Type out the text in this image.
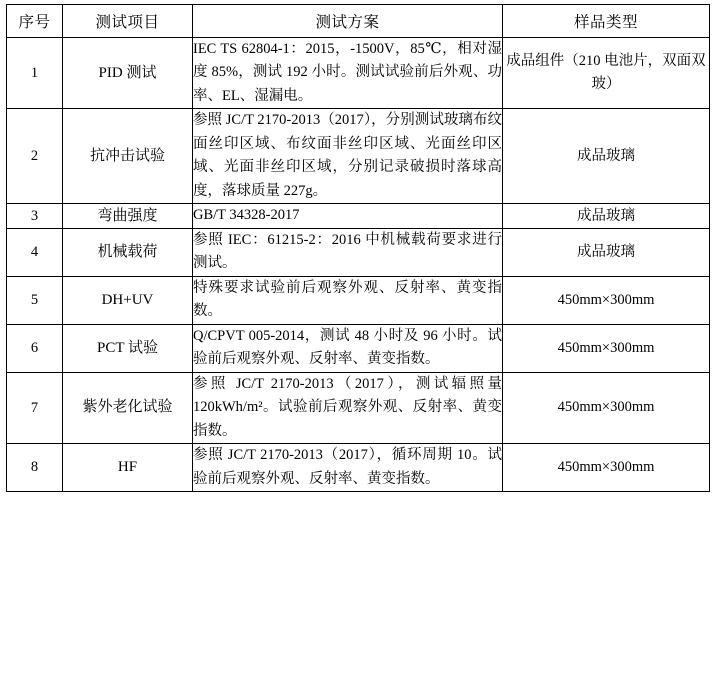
序号	测试项目	测试方案	样品类型
1	PID 测试	IEC TS 62804-1：2015，-1500V，85℃，相对湿度 85%，测试 192 小时。测试试验前后外观、功率、EL、湿漏电。	成品组件（210 电池片，双面双玻）
2	抗冲击试验	参照 JC/T 2170-2013（2017），分别测试玻璃布纹面丝印区域、布纹面非丝印区域、光面丝印区域、光面非丝印区域，分别记录破损时落球高度，落球质量 227g。	成品玻璃
3	弯曲强度	GB/T 34328-2017	成品玻璃
4	机械载荷	参照 IEC：61215-2：2016 中机械载荷要求进行测试。	成品玻璃
5	DH+UV	特殊要求试验前后观察外观、反射率、黄变指数。	450mm×300mm
6	PCT 试验	Q/CPVT 005-2014，测试 48 小时及 96 小时。试验前后观察外观、反射率、黄变指数。	450mm×300mm
7	紫外老化试验	参照 JC/T 2170-2013（2017），测试辐照量 120kWh/m²。试验前后观察外观、反射率、黄变指数。	450mm×300mm
8	HF	参照 JC/T 2170-2013（2017），循环周期 10。试验前后观察外观、反射率、黄变指数。	450mm×300mm
